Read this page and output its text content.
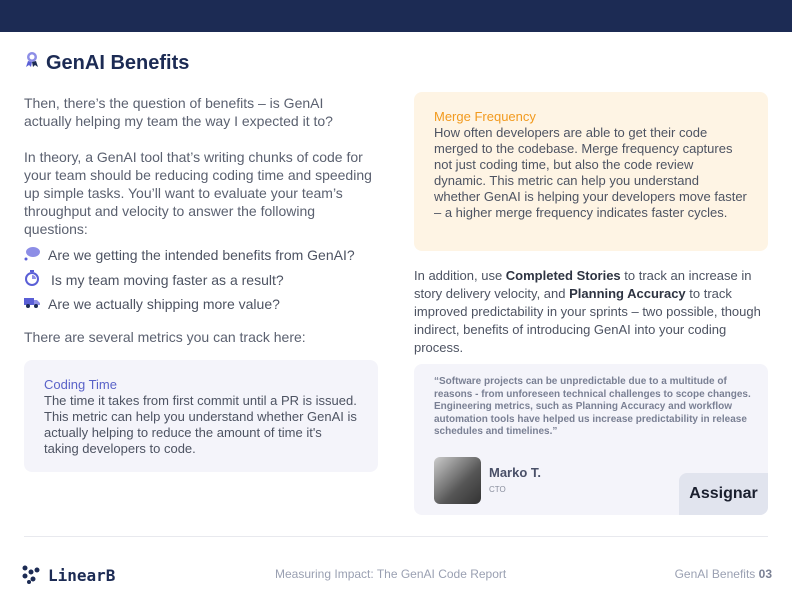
GenAI Benefits

Then, there’s the question of benefits – is GenAI actually helping my team the way I expected it to?

In theory, a GenAI tool that’s writing chunks of code for your team should be reducing coding time and speeding up simple tasks. You’ll want to evaluate your team’s throughput and velocity to answer the following questions:

Are we getting the intended benefits from GenAI?
Is my team moving faster as a result?
Are we actually shipping more value?

There are several metrics you can track here:

Coding Time

The time it takes from first commit until a PR is issued. This metric can help you understand whether GenAI is actually helping to reduce the amount of time it's taking developers to code.

Merge Frequency

How often developers are able to get their code merged to the codebase. Merge frequency captures not just coding time, but also the code review dynamic. This metric can help you understand whether GenAI is helping your developers move faster – a higher merge frequency indicates faster cycles.

In addition, use Completed Stories to track an increase in story delivery velocity, and Planning Accuracy to track improved predictability in your sprints – two possible, though indirect, benefits of introducing GenAI into your coding process.

“Software projects can be unpredictable due to a multitude of reasons - from unforeseen technical challenges to scope changes. Engineering metrics, such as Planning Accuracy and workflow automation tools have helped us increase predictability in release schedules and timelines.”

Marko T.
CTO	Assignar
LinearB	Measuring Impact: The GenAI Code Report	GenAI Benefits 03
